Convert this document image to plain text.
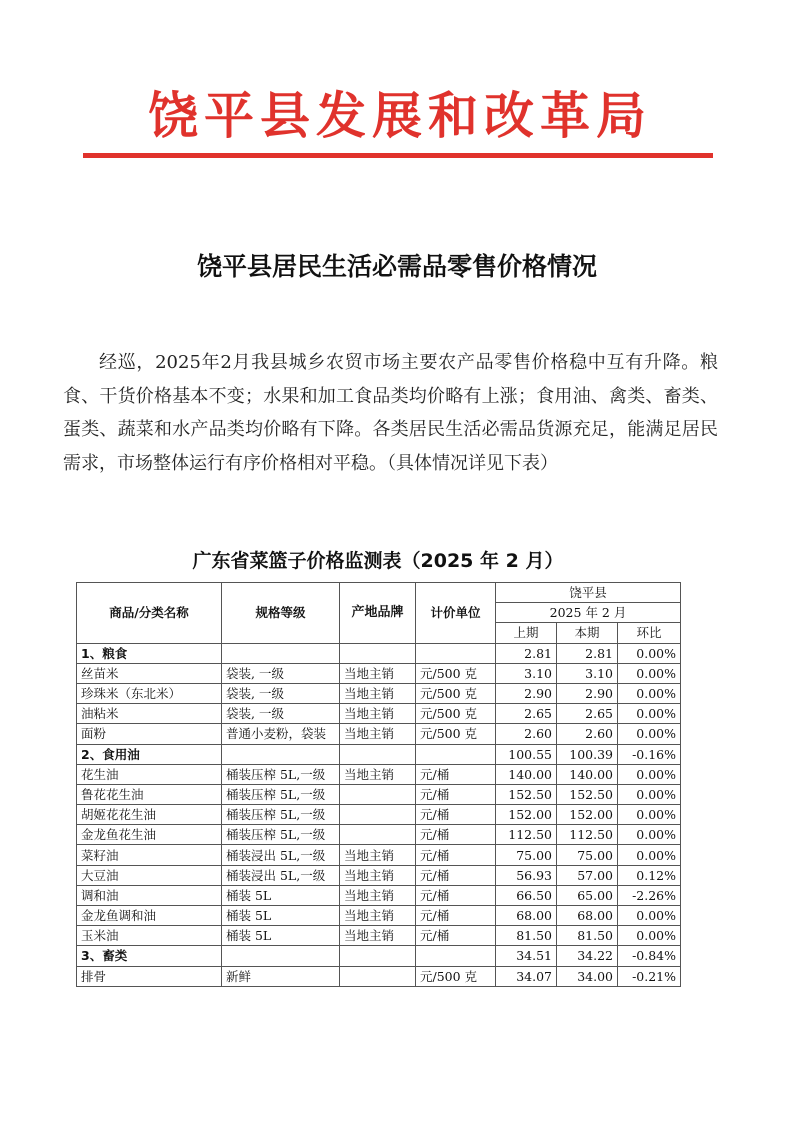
饶平县发展和改革局
饶平县居民生活必需品零售价格情况
经巡，2025年2月我县城乡农贸市场主要农产品零售价格稳中互有升降。粮食、干货价格基本不变；水果和加工食品类均价略有上涨；食用油、禽类、畜类、蛋类、蔬菜和水产品类均价略有下降。各类居民生活必需品货源充足，能满足居民需求，市场整体运行有序价格相对平稳。（具体情况详见下表）
广东省菜篮子价格监测表（2025 年 2 月）
商品/分类名称	规格等级	产地品牌	计价单位	饶平县		
				2025 年 2 月		
				上期	本期	环比
1、粮食				2.81	2.81	0.00%
丝苗米	袋装, 一级	当地主销	元/500 克	3.10	3.10	0.00%
珍珠米（东北米）	袋装, 一级	当地主销	元/500 克	2.90	2.90	0.00%
油粘米	袋装, 一级	当地主销	元/500 克	2.65	2.65	0.00%
面粉	普通小麦粉，袋装	当地主销	元/500 克	2.60	2.60	0.00%
2、食用油				100.55	100.39	-0.16%
花生油	桶装压榨 5L,一级	当地主销	元/桶	140.00	140.00	0.00%
鲁花花生油	桶装压榨 5L,一级		元/桶	152.50	152.50	0.00%
胡姬花花生油	桶装压榨 5L,一级		元/桶	152.00	152.00	0.00%
金龙鱼花生油	桶装压榨 5L,一级		元/桶	112.50	112.50	0.00%
菜籽油	桶装浸出 5L,一级	当地主销	元/桶	75.00	75.00	0.00%
大豆油	桶装浸出 5L,一级	当地主销	元/桶	56.93	57.00	0.12%
调和油	桶装 5L	当地主销	元/桶	66.50	65.00	-2.26%
金龙鱼调和油	桶装 5L	当地主销	元/桶	68.00	68.00	0.00%
玉米油	桶装 5L	当地主销	元/桶	81.50	81.50	0.00%
3、畜类				34.51	34.22	-0.84%
排骨	新鲜		元/500 克	34.07	34.00	-0.21%
